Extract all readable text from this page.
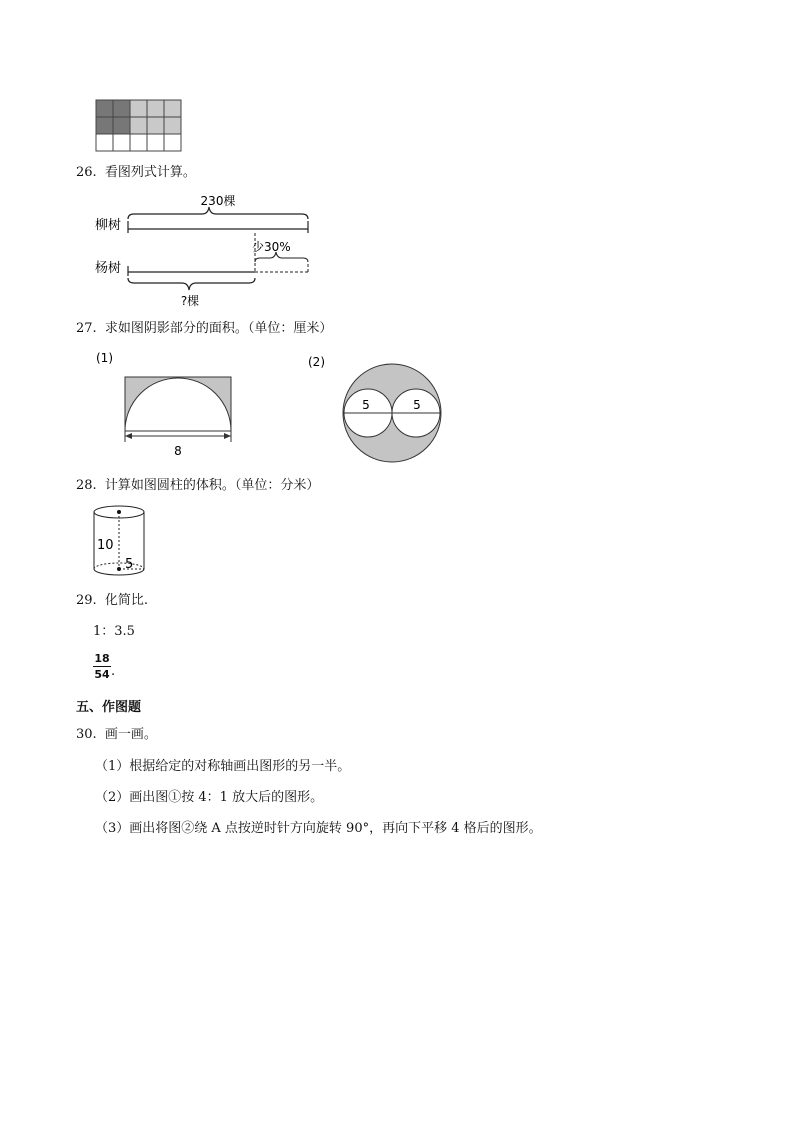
26. 看图列式计算。
230棵
柳树
少30%
杨树
?棵
27. 求如图阴影部分的面积。（单位：厘米）
(1)
8
(2)
5	5
28. 计算如图圆柱的体积。（单位：分米）
10
5
29. 化简比.
1：3.5
18
54 .
五、作图题
30. 画一画。
（1）根据给定的对称轴画出图形的另一半。
（2）画出图①按 4：1 放大后的图形。
（3）画出将图②绕 A 点按逆时针方向旋转 90°，再向下平移 4 格后的图形。
